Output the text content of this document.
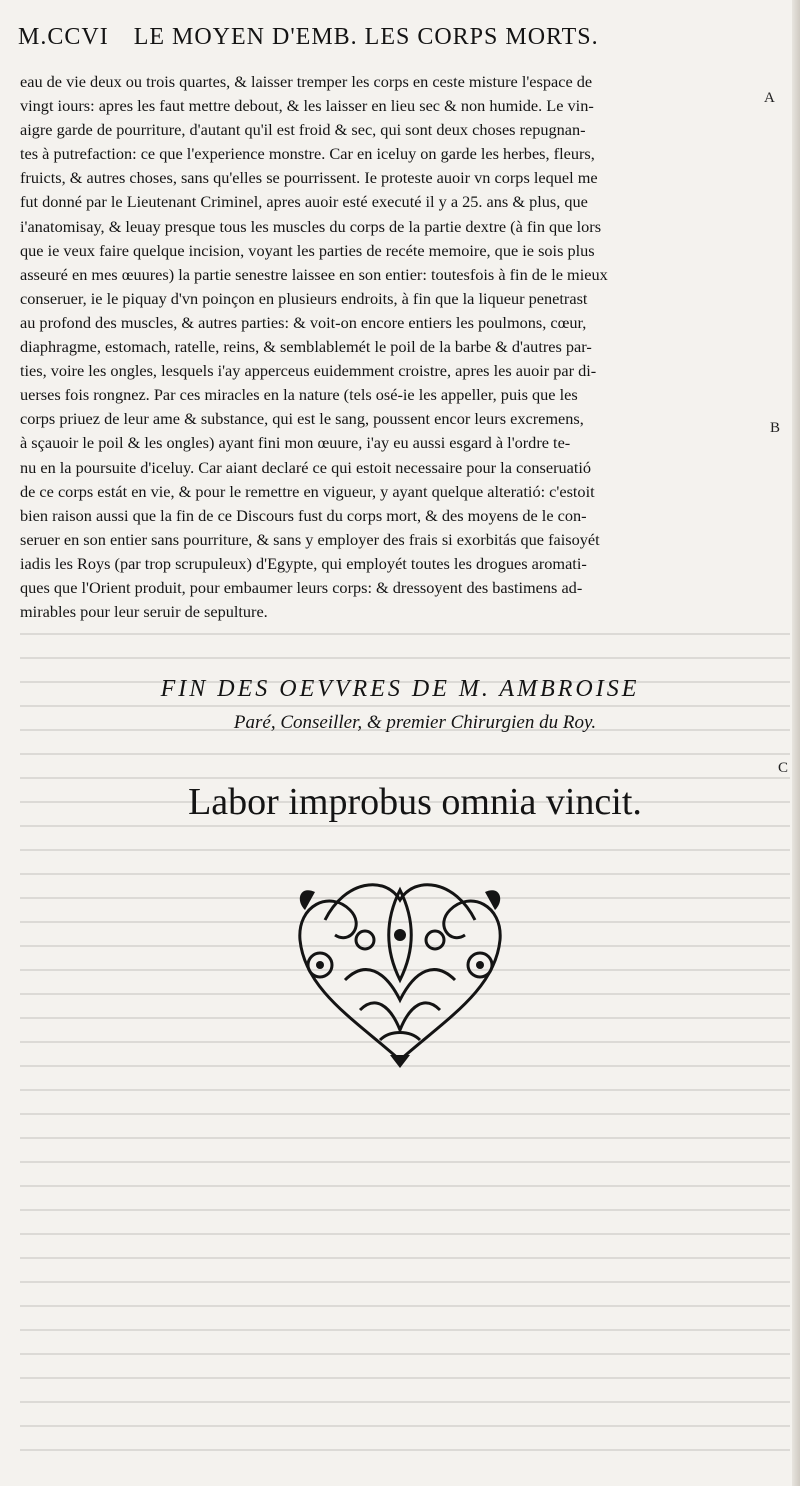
M.CCVI LE MOYEN D'EMB. LES CORPS MORTS.
eau de vie deux ou trois quartes, & laisser tremper les corps en ceste misture l'espace de
vingt iours: apres les faut mettre debout, & les laisser en lieu sec & non humide. Le vin-
aigre garde de pourriture, d'autant qu'il est froid & sec, qui sont deux choses repugnan-
tes à putrefaction: ce que l'experience monstre. Car en iceluy on garde les herbes, fleurs,
fruicts, & autres choses, sans qu'elles se pourrissent. Ie proteste auoir vn corps lequel me
fut donné par le Lieutenant Criminel, apres auoir esté executé il y a 25. ans & plus, que
i'anatomisay, & leuay presque tous les muscles du corps de la partie dextre (à fin que lors
que ie veux faire quelque incision, voyant les parties de recéte memoire, que ie sois plus
asseuré en mes œuures) la partie senestre laissee en son entier: toutesfois à fin de le mieux
conseruer, ie le piquay d'vn poinçon en plusieurs endroits, à fin que la liqueur penetrast
au profond des muscles, & autres parties: & voit-on encore entiers les poulmons, cœur,
diaphragme, estomach, ratelle, reins, & semblablemét le poil de la barbe & d'autres par-
ties, voire les ongles, lesquels i'ay apperceus euidemment croistre, apres les auoir par di-
uerses fois rongnez. Par ces miracles en la nature (tels osé-ie les appeller, puis que les
corps priuez de leur ame & substance, qui est le sang, poussent encor leurs excremens,
à sçauoir le poil & les ongles) ayant fini mon œuure, i'ay eu aussi esgard à l'ordre te-
nu en la poursuite d'iceluy. Car aiant declaré ce qui estoit necessaire pour la conseruatió
de ce corps estát en vie, & pour le remettre en vigueur, y ayant quelque alteratió: c'estoit
bien raison aussi que la fin de ce Discours fust du corps mort, & des moyens de le con-
seruer en son entier sans pourriture, & sans y employer des frais si exorbitás que faisoyét
iadis les Roys (par trop scrupuleux) d'Egypte, qui employét toutes les drogues aromati-
ques que l'Orient produit, pour embaumer leurs corps: & dressoyent des bastimens ad-
mirables pour leur seruir de sepulture.
A
B
C
FIN DES OEVVRES DE M. AMBROISE
Paré, Conseiller, & premier Chirurgien du Roy.
Labor improbus omnia vincit.
